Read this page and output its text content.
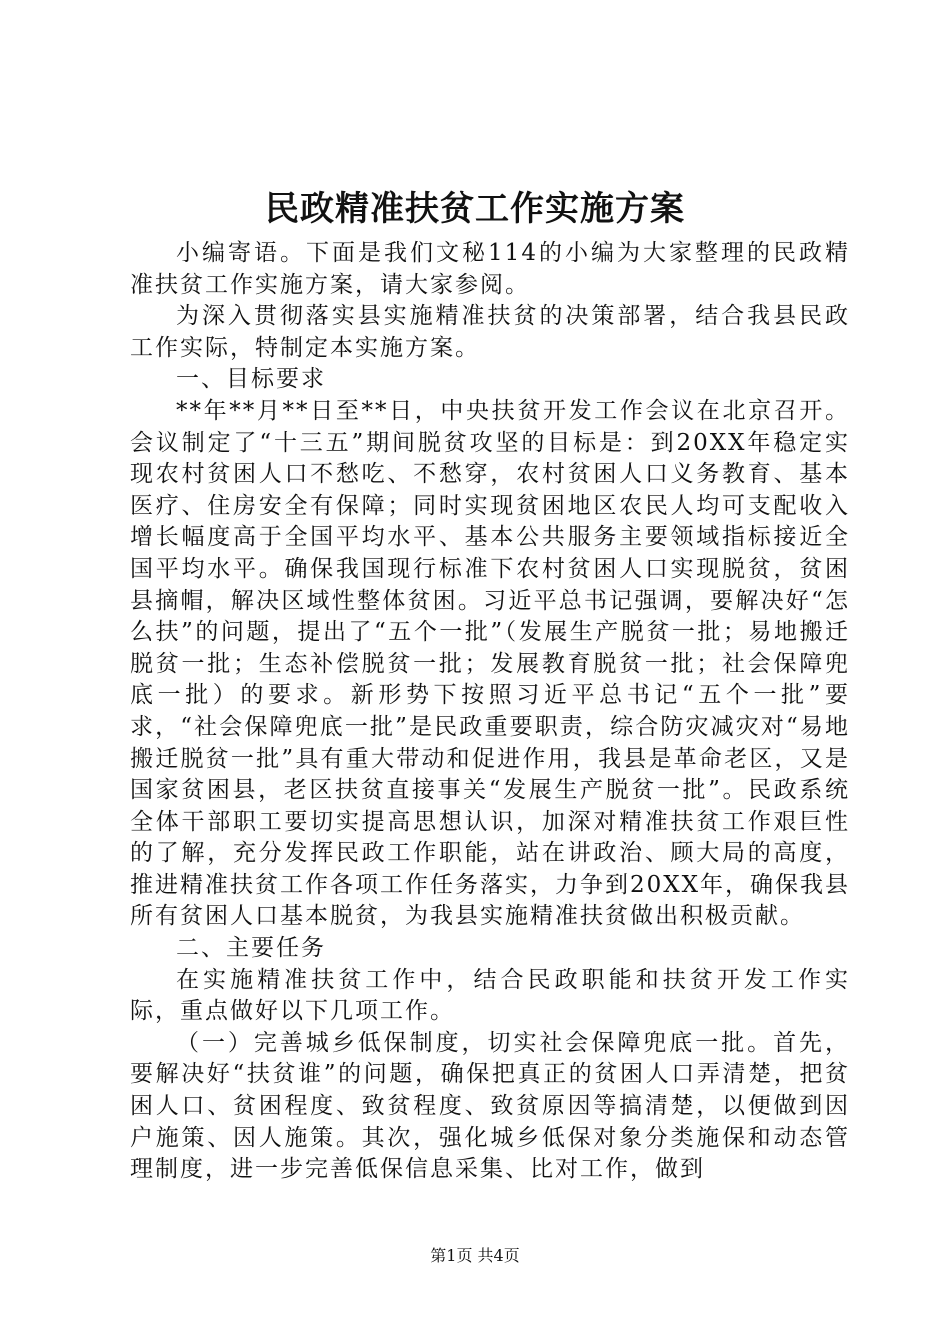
民政精准扶贫工作实施方案

小编寄语。下面是我们文秘114的小编为大家整理的民政精准扶贫工作实施方案，请大家参阅。

为深入贯彻落实县实施精准扶贫的决策部署，结合我县民政工作实际，特制定本实施方案。

一、目标要求

**年**月**日至**日，中央扶贫开发工作会议在北京召开。会议制定了“十三五”期间脱贫攻坚的目标是：到20XX年稳定实现农村贫困人口不愁吃、不愁穿，农村贫困人口义务教育、基本医疗、住房安全有保障；同时实现贫困地区农民人均可支配收入增长幅度高于全国平均水平、基本公共服务主要领域指标接近全国平均水平。确保我国现行标准下农村贫困人口实现脱贫，贫困县摘帽，解决区域性整体贫困。习近平总书记强调，要解决好“怎么扶”的问题，提出了“五个一批”（发展生产脱贫一批；易地搬迁脱贫一批；生态补偿脱贫一批；发展教育脱贫一批；社会保障兜底一批）的要求。新形势下按照习近平总书记“五个一批”要求，“社会保障兜底一批”是民政重要职责，综合防灾减灾对“易地搬迁脱贫一批”具有重大带动和促进作用，我县是革命老区，又是国家贫困县，老区扶贫直接事关“发展生产脱贫一批”。民政系统全体干部职工要切实提高思想认识，加深对精准扶贫工作艰巨性的了解，充分发挥民政工作职能，站在讲政治、顾大局的高度，推进精准扶贫工作各项工作任务落实，力争到20XX年，确保我县所有贫困人口基本脱贫，为我县实施精准扶贫做出积极贡献。

二、主要任务

在实施精准扶贫工作中，结合民政职能和扶贫开发工作实际，重点做好以下几项工作。

（一）完善城乡低保制度，切实社会保障兜底一批。首先，要解决好“扶贫谁”的问题，确保把真正的贫困人口弄清楚，把贫困人口、贫困程度、致贫程度、致贫原因等搞清楚，以便做到因户施策、因人施策。其次，强化城乡低保对象分类施保和动态管理制度，进一步完善低保信息采集、比对工作，做到

第1页 共4页
